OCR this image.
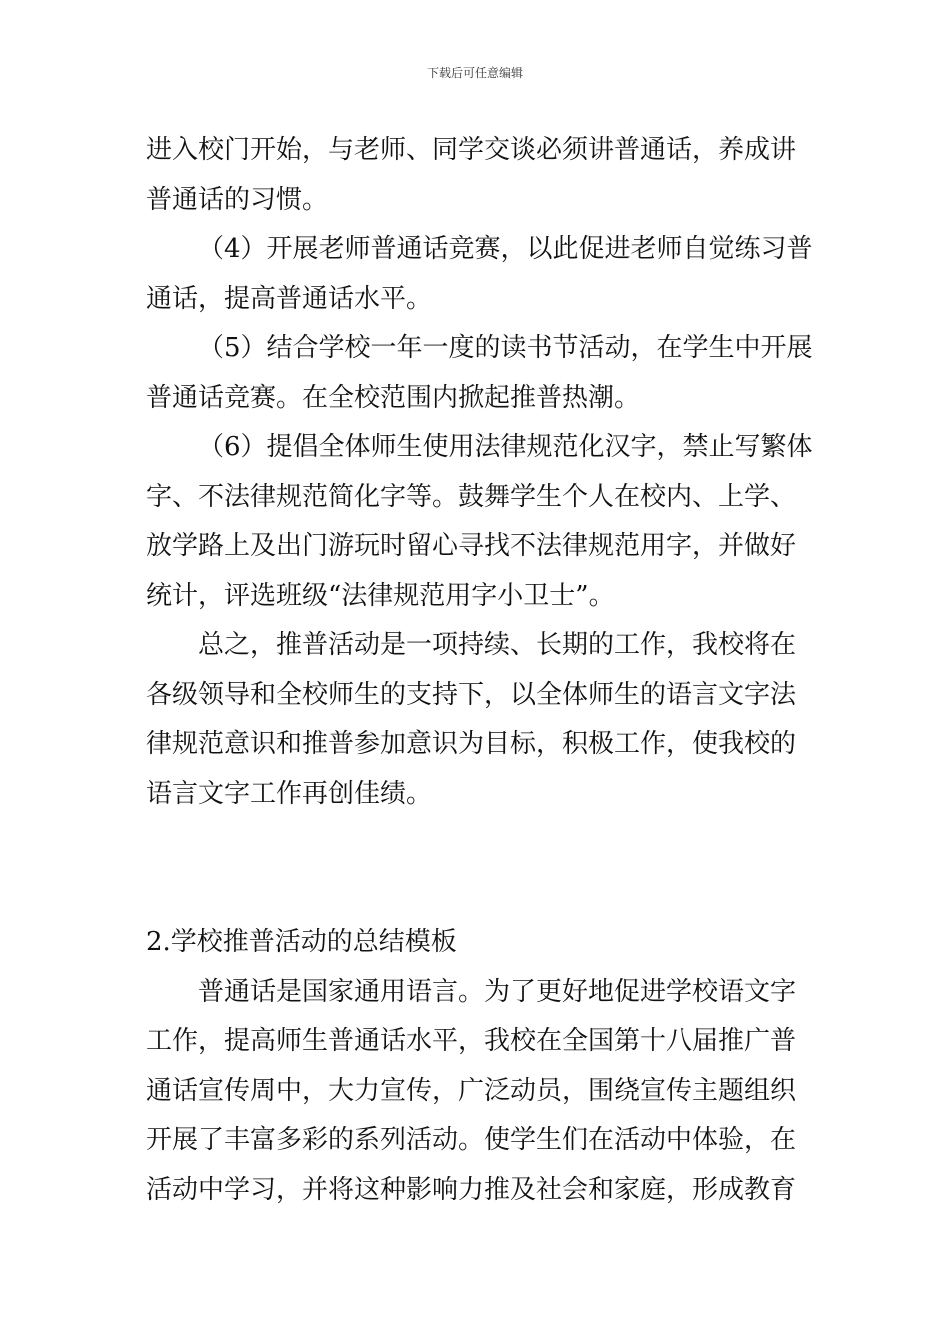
下载后可任意编辑
进入校门开始，与老师、同学交谈必须讲普通话，养成讲
普通话的习惯。
（4）开展老师普通话竞赛，以此促进老师自觉练习普
通话，提高普通话水平。
（5）结合学校一年一度的读书节活动，在学生中开展
普通话竞赛。在全校范围内掀起推普热潮。
（6）提倡全体师生使用法律规范化汉字，禁止写繁体
字、不法律规范简化字等。鼓舞学生个人在校内、上学、
放学路上及出门游玩时留心寻找不法律规范用字，并做好
统计，评选班级“法律规范用字小卫士”。
总之，推普活动是一项持续、长期的工作，我校将在
各级领导和全校师生的支持下，以全体师生的语言文字法
律规范意识和推普参加意识为目标，积极工作，使我校的
语言文字工作再创佳绩。
2.学校推普活动的总结模板
普通话是国家通用语言。为了更好地促进学校语文字
工作，提高师生普通话水平，我校在全国第十八届推广普
通话宣传周中，大力宣传，广泛动员，围绕宣传主题组织
开展了丰富多彩的系列活动。使学生们在活动中体验，在
活动中学习，并将这种影响力推及社会和家庭，形成教育
